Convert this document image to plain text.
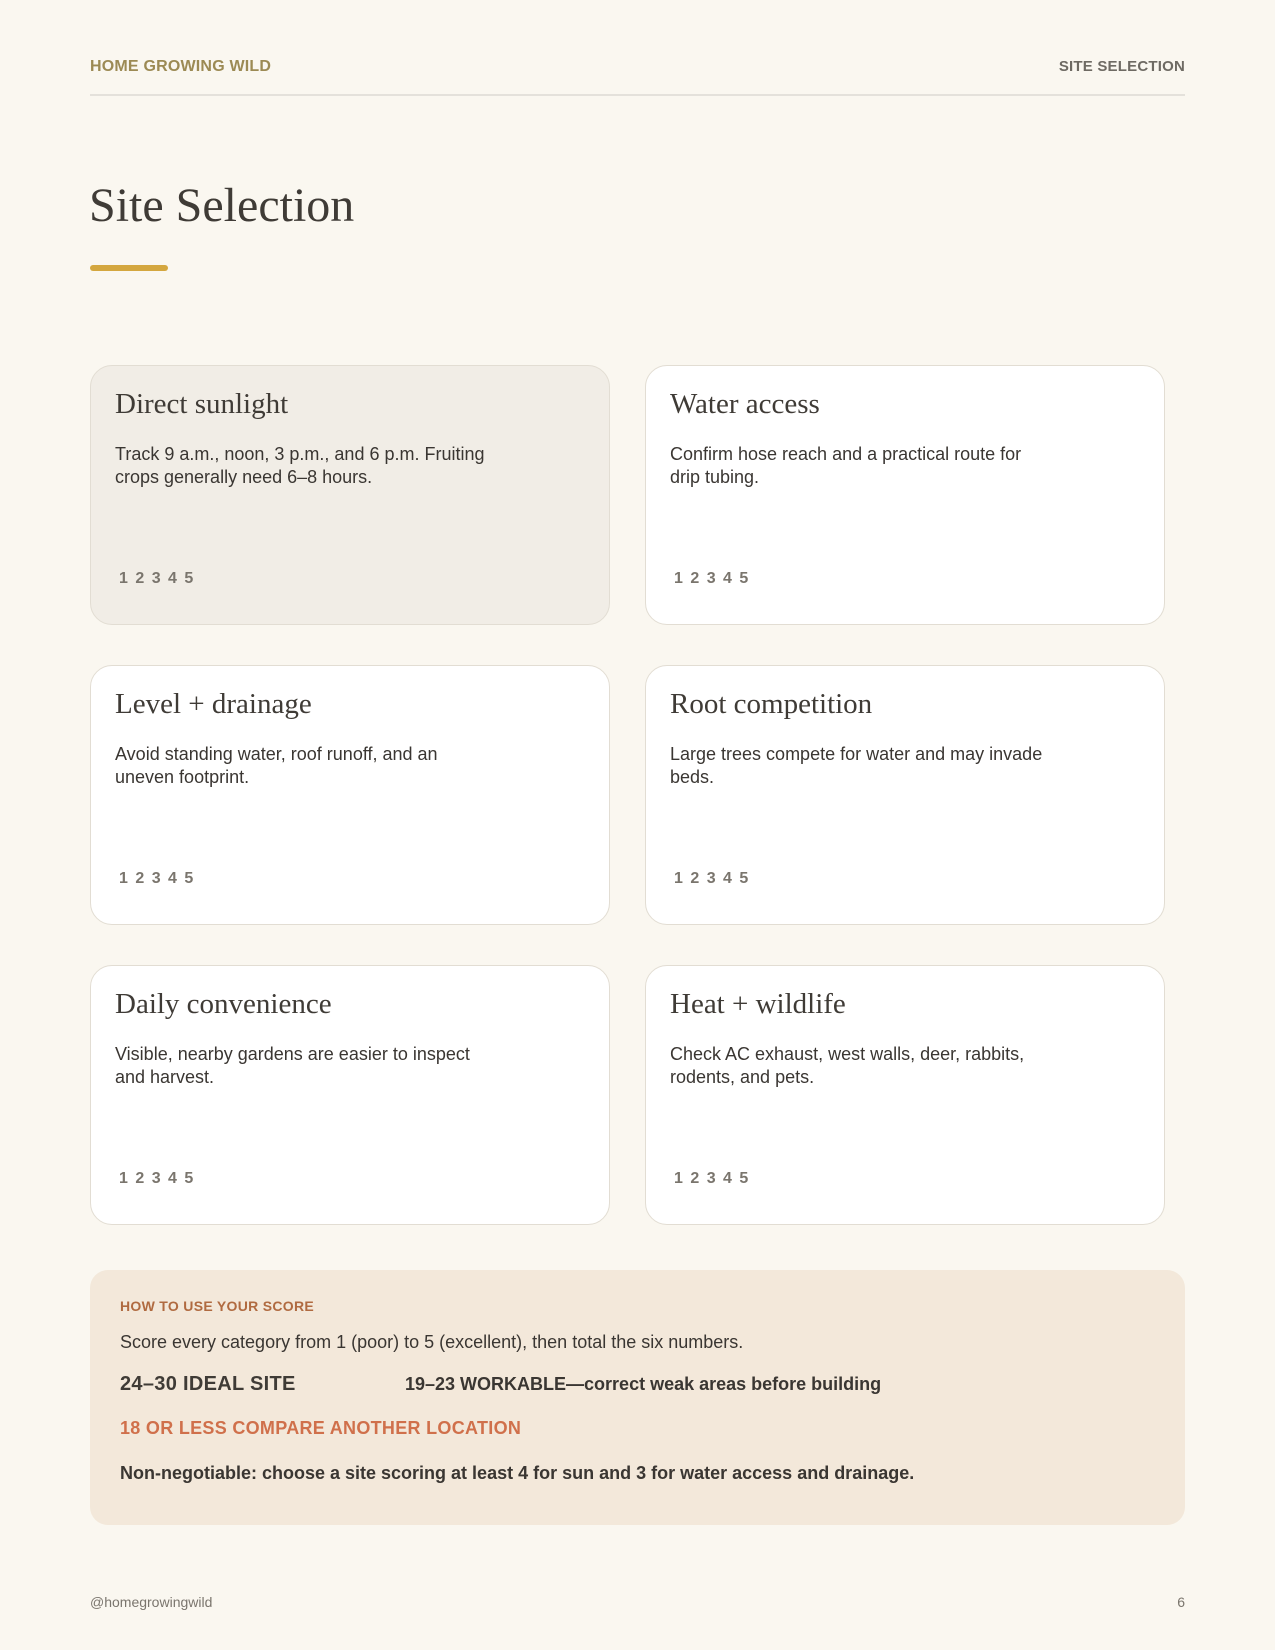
HOME GROWING WILD	SITE SELECTION
Site Selection
Direct sunlight

Track 9 a.m., noon, 3 p.m., and 6 p.m. Fruiting crops generally need 6–8 hours.

1 2 3 4 5
Water access

Confirm hose reach and a practical route for drip tubing.

1 2 3 4 5
Level + drainage

Avoid standing water, roof runoff, and an uneven footprint.

1 2 3 4 5
Root competition

Large trees compete for water and may invade beds.

1 2 3 4 5
Daily convenience

Visible, nearby gardens are easier to inspect and harvest.

1 2 3 4 5
Heat + wildlife

Check AC exhaust, west walls, deer, rabbits, rodents, and pets.

1 2 3 4 5
HOW TO USE YOUR SCORE

Score every category from 1 (poor) to 5 (excellent), then total the six numbers.

24–30 IDEAL SITE	19–23 WORKABLE—correct weak areas before building
18 OR LESS COMPARE ANOTHER LOCATION

Non-negotiable: choose a site scoring at least 4 for sun and 3 for water access and drainage.

@homegrowingwild	6
